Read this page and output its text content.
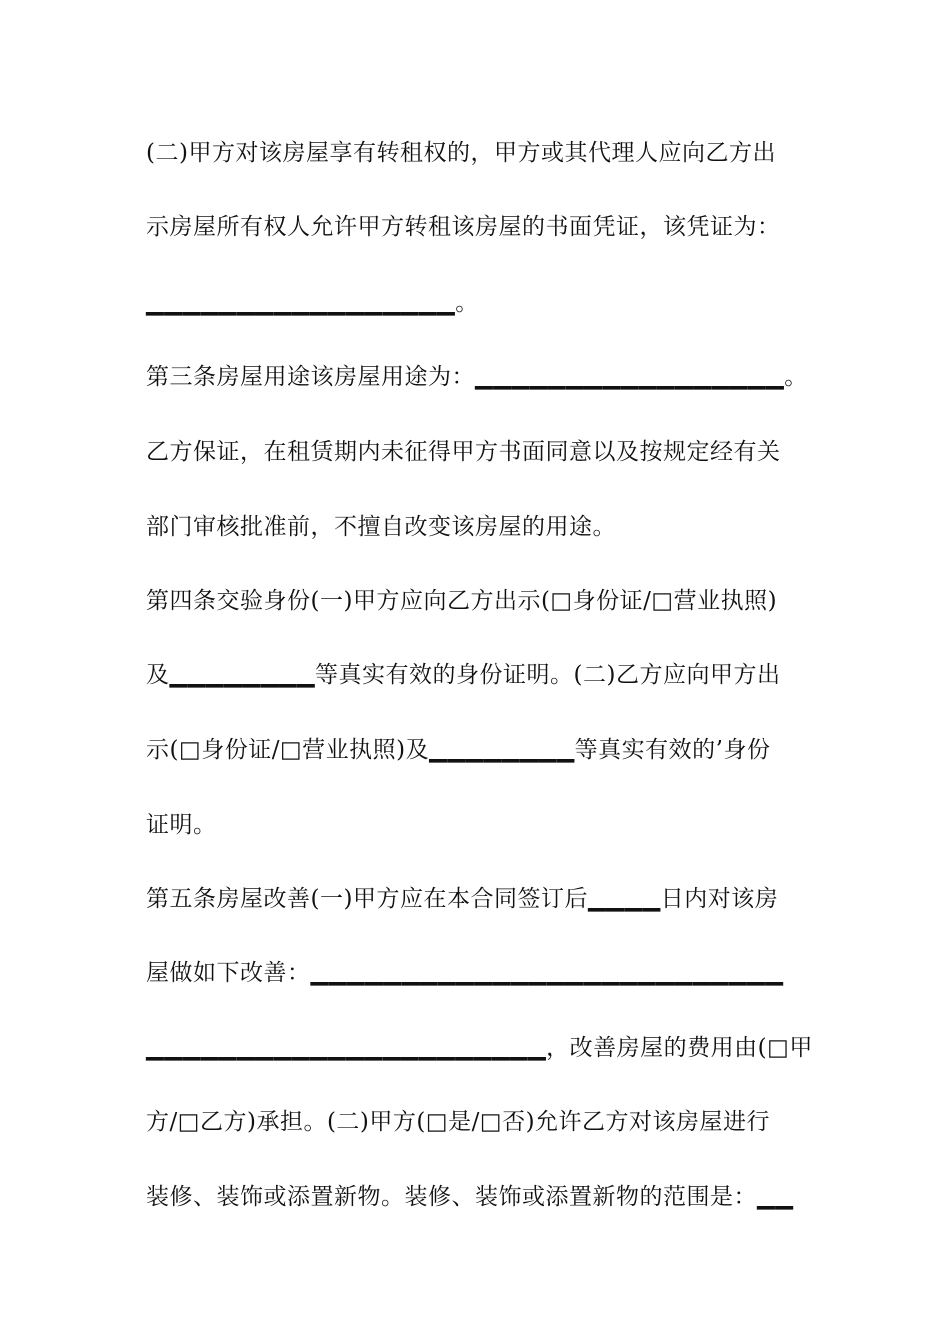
(二)甲方对该房屋享有转租权的，甲方或其代理人应向乙方出
示房屋所有权人允许甲方转租该房屋的书面凭证，该凭证为：
▁▁▁▁▁▁▁▁▁▁▁▁▁▁▁▁▁。
第三条房屋用途该房屋用途为：▁▁▁▁▁▁▁▁▁▁▁▁▁▁▁▁▁。
乙方保证，在租赁期内未征得甲方书面同意以及按规定经有关
部门审核批准前，不擅自改变该房屋的用途。
第四条交验身份(一)甲方应向乙方出示(□身份证/□营业执照)
及▁▁▁▁▁▁▁▁等真实有效的身份证明。(二)乙方应向甲方出
示(□身份证/□营业执照)及▁▁▁▁▁▁▁▁等真实有效的’身份
证明。
第五条房屋改善(一)甲方应在本合同签订后▁▁▁▁日内对该房
屋做如下改善：▁▁▁▁▁▁▁▁▁▁▁▁▁▁▁▁▁▁▁▁▁▁▁▁▁▁
▁▁▁▁▁▁▁▁▁▁▁▁▁▁▁▁▁▁▁▁▁▁，改善房屋的费用由(□甲
方/□乙方)承担。(二)甲方(□是/□否)允许乙方对该房屋进行
装修、装饰或添置新物。装修、装饰或添置新物的范围是：▁▁
